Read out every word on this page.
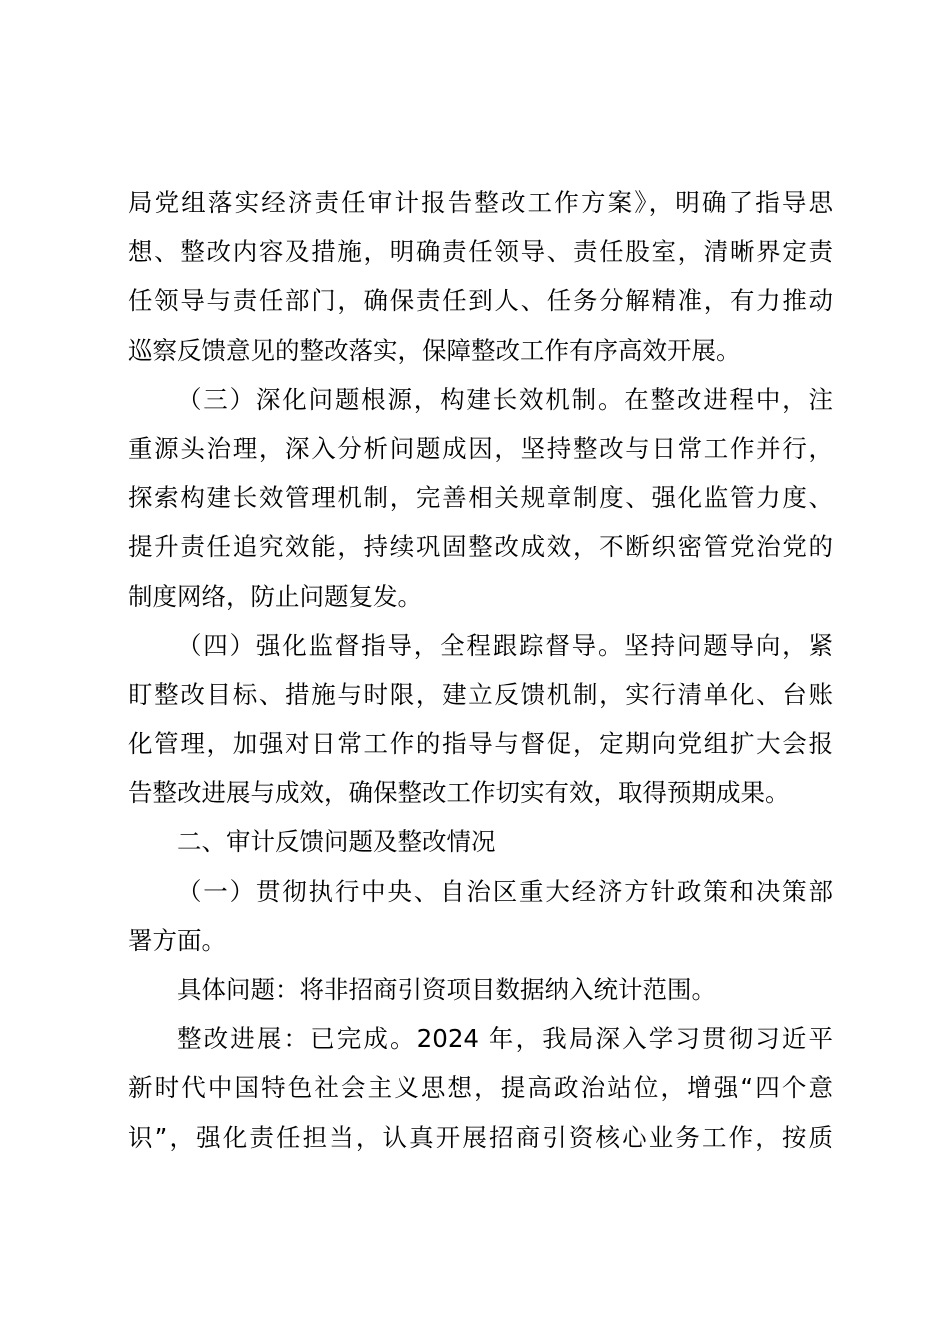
局党组落实经济责任审计报告整改工作方案》，明确了指导思
想、整改内容及措施，明确责任领导、责任股室，清晰界定责
任领导与责任部门，确保责任到人、任务分解精准，有力推动
巡察反馈意见的整改落实，保障整改工作有序高效开展。
（三）深化问题根源，构建长效机制。在整改进程中，注
重源头治理，深入分析问题成因，坚持整改与日常工作并行，
探索构建长效管理机制，完善相关规章制度、强化监管力度、
提升责任追究效能，持续巩固整改成效，不断织密管党治党的
制度网络，防止问题复发。
（四）强化监督指导，全程跟踪督导。坚持问题导向，紧
盯整改目标、措施与时限，建立反馈机制，实行清单化、台账
化管理，加强对日常工作的指导与督促，定期向党组扩大会报
告整改进展与成效，确保整改工作切实有效，取得预期成果。
二、审计反馈问题及整改情况
（一）贯彻执行中央、自治区重大经济方针政策和决策部
署方面。
具体问题：将非招商引资项目数据纳入统计范围。
整改进展：已完成。2024 年，我局深入学习贯彻习近平
新时代中国特色社会主义思想，提高政治站位，增强“四个意
识”，强化责任担当，认真开展招商引资核心业务工作，按质
